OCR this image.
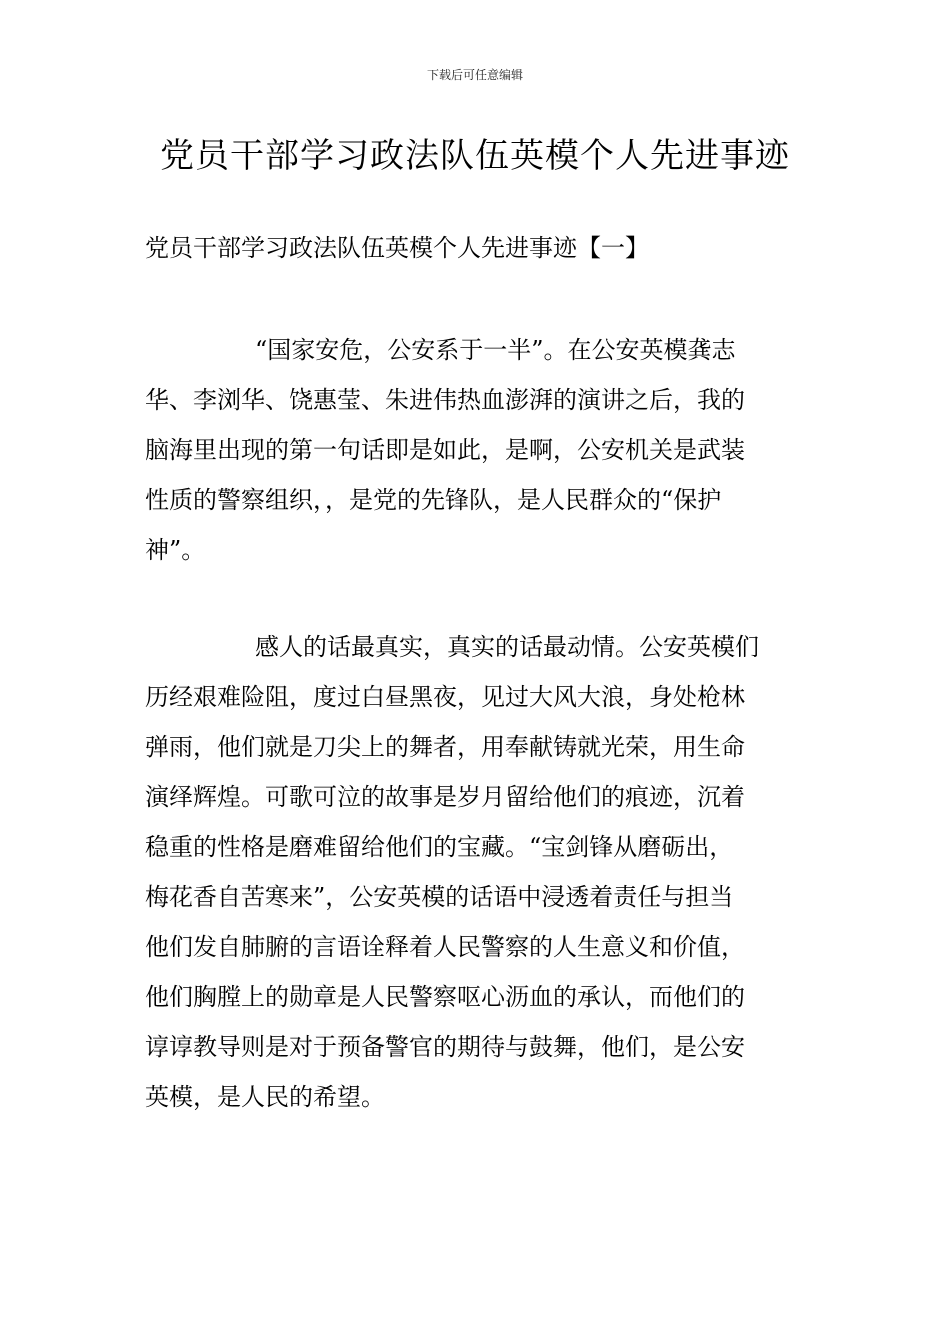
下载后可任意编辑
党员干部学习政法队伍英模个人先进事迹
党员干部学习政法队伍英模个人先进事迹【一】
“国家安危，公安系于一半”。在公安英模龚志
华、李浏华、饶惠莹、朱进伟热血澎湃的演讲之后，我的
脑海里出现的第一句话即是如此，是啊，公安机关是武装
性质的警察组织，，是党的先锋队，是人民群众的“保护
神”。
感人的话最真实，真实的话最动情。公安英模们
历经艰难险阻，度过白昼黑夜，见过大风大浪，身处枪林
弹雨，他们就是刀尖上的舞者，用奉献铸就光荣，用生命
演绎辉煌。可歌可泣的故事是岁月留给他们的痕迹，沉着
稳重的性格是磨难留给他们的宝藏。“宝剑锋从磨砺出，
梅花香自苦寒来”，公安英模的话语中浸透着责任与担当
他们发自肺腑的言语诠释着人民警察的人生意义和价值，
他们胸膛上的勋章是人民警察呕心沥血的承认，而他们的
谆谆教导则是对于预备警官的期待与鼓舞，他们，是公安
英模，是人民的希望。
